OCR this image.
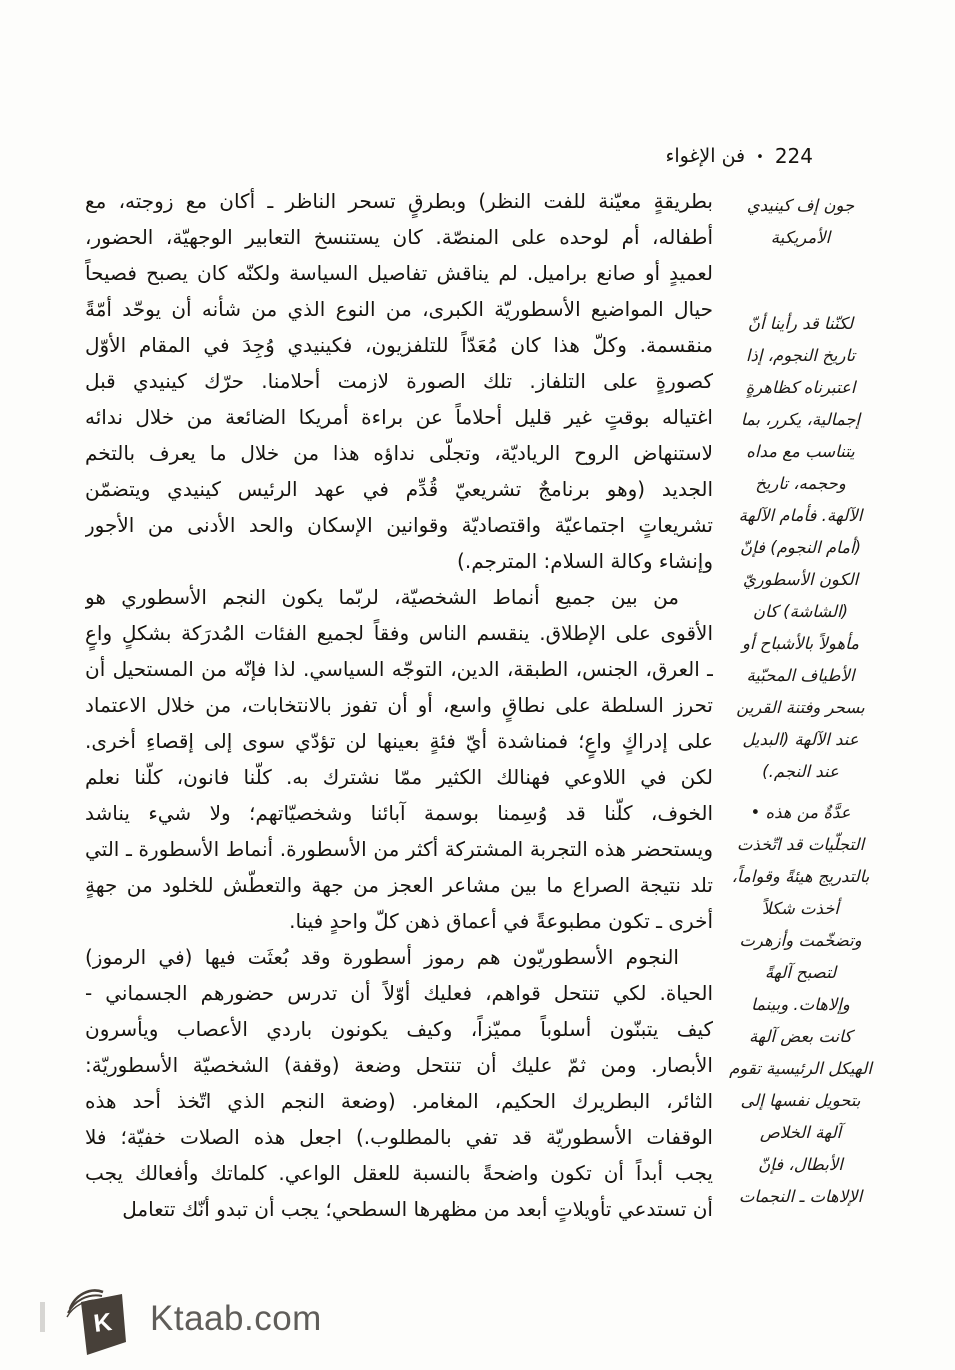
224
•
فن الإغواء
بطريقةٍ معيّنة للفت النظر) وبطرقٍ تسحر الناظر ـ أكان مع زوجته، مع
أطفاله، أم لوحده على المنصّة. كان يستنسخ التعابير الوجهيّة، الحضور،
لعميدٍ أو صانع براميل. لم يناقش تفاصيل السياسة ولكنّه كان يصبح فصيحاً
حيال المواضيع الأسطوريّة الكبرى، من النوع الذي من شأنه أن يوحّد أمّةً
منقسمة. وكلّ هذا كان مُعَدّاً للتلفزيون، فكينيدي وُجِدَ في المقام الأوّل
كصورةٍ على التلفاز. تلك الصورة لازمت أحلامنا. حرّك كينيدي قبل
اغتياله بوقتٍ غير قليل أحلاماً عن براءة أمريكا الضائعة من خلال ندائه
لاستنهاض الروح الرياديّة، وتجلّى نداؤه هذا من خلال ما يعرف بالتخم
الجديد (وهو برنامجٌ تشريعيّ قُدِّم في عهد الرئيس كينيدي ويتضمّن
تشريعاتٍ اجتماعيّة واقتصاديّة وقوانين الإسكان والحد الأدنى من الأجور
وإنشاء وكالة السلام: المترجم.)
من بين جميع أنماط الشخصيّة، لربّما يكون النجم الأسطوري هو
الأقوى على الإطلاق. ينقسم الناس وفقاً لجميع الفئات المُدرَكة بشكلٍ واعٍ
ـ العرق، الجنس، الطبقة، الدين، التوجّه السياسي. لذا فإنّه من المستحيل أن
تحرز السلطة على نطاقٍ واسع، أو أن تفوز بالانتخابات، من خلال الاعتماد
على إدراكٍ واعٍ؛ فمناشدة أيّ فئةٍ بعينها لن تؤدّي سوى إلى إقصاءِ أخرى.
لكن في اللاوعي فهنالك الكثير ممّا نشترك به. كلّنا فانون، كلّنا نعلم
الخوف، كلّنا قد وُسِمنا بوسمة آبائنا وشخصيّاتهم؛ ولا شيء يناشد
ويستحضر هذه التجربة المشتركة أكثر من الأسطورة. أنماط الأسطورة ـ التي
تلد نتيجة الصراع ما بين مشاعر العجز من جهة والتعطّش للخلود من جهةٍ
أخرى ـ تكون مطبوعةً في أعماق ذهن كلّ واحدٍ فينا.
النجوم الأسطوريّون هم رموز أسطورة وقد بُعثَت فيها (في الرموز)
الحياة. لكي تنتحل قواهم، فعليك أوّلاً أن تدرس حضورهم الجسماني -
كيف يتبنّون أسلوباً مميّزاً، وكيف يكونون باردي الأعصاب ويأسرون
الأبصار. ومن ثمّ عليك أن تنتحل وضعة (وقفة) الشخصيّة الأسطوريّة:
الثائر، البطريرك الحكيم، المغامر. (وضعة النجم الذي اتّخذ أحد هذه
الوقفات الأسطوريّة قد تفي بالمطلوب.) اجعل هذه الصلات خفيّة؛ فلا
يجب أبداً أن تكون واضحةً بالنسبة للعقل الواعي. كلماتك وأفعالك يجب
أن تستدعي تأويلاتٍ أبعد من مظهرها السطحي؛ يجب أن تبدو أنّك تتعامل
جون إف كينيدي
الأمريكية
لكنّنا قد رأينا أنّ
تاريخ النجوم، إذا
اعتبرناه كظاهرةٍ
إجمالية، يكرر، بما
يتناسب مع مداه
وحجمه، تاريخ
الآلهة. فأمام الآلهة
(أمام النجوم) فإنّ
الكون الأسطوريّ
(الشاشة) كان
مأهولاً بالأشباح أو
الأطياف المحبّية
بسحر وفتنة القرين
عند الآلهة (البديل
عند النجم.)
عدَّةٌ من هذه •
التجلّيات قد اتّخذت
بالتدريج هيئةً وقواماً،
أخذت شكلاً
وتضخّمت وأزهرت
لتصبح آلهةً
وإلاهات. وبينما
كانت بعض آلهة
الهيكل الرئيسية تقوم
بتحويل نفسها إلى
آلهة الخلاص
الأبطال، فإنّ
الإلاهات ـ النجمات
K Ktaab.com
